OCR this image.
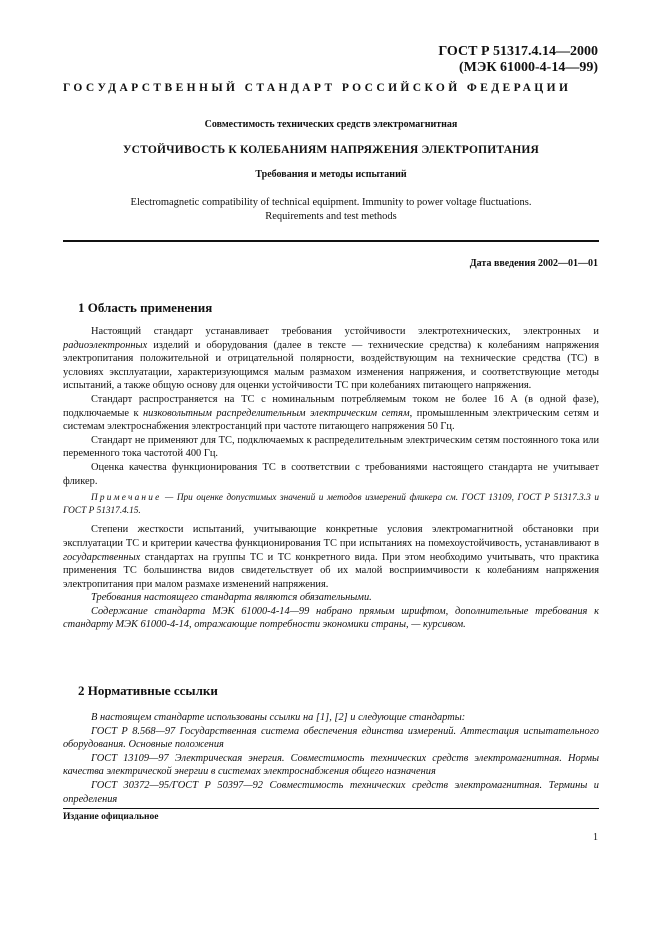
ГОСТ Р 51317.4.14—2000
(МЭК 61000-4-14—99)
ГОСУДАРСТВЕННЫЙ СТАНДАРТ РОССИЙСКОЙ ФЕДЕРАЦИИ
Совместимость технических средств электромагнитная
УСТОЙЧИВОСТЬ К КОЛЕБАНИЯМ НАПРЯЖЕНИЯ ЭЛЕКТРОПИТАНИЯ
Требования и методы испытаний
Electromagnetic compatibility of technical equipment. Immunity to power voltage fluctuations.
Requirements and test methods
Дата введения 2002—01—01
1 Область применения

Настоящий стандарт устанавливает требования устойчивости электротехнических, электронных и радиоэлектронных изделий и оборудования (далее в тексте — технические средства) к колебаниям напряжения электропитания положительной и отрицательной полярности, воздействующим на технические средства (ТС) в условиях эксплуатации, характеризующимся малым размахом изменения напряжения, и соответствующие методы испытаний, а также общую основу для оценки устойчивости ТС при колебаниях питающего напряжения.

Стандарт распространяется на ТС с номинальным потребляемым током не более 16 А (в одной фазе), подключаемые к низковольтным распределительным электрическим сетям, промышленным электрическим сетям и системам электроснабжения электростанций при частоте питающего напряжения 50 Гц.

Стандарт не применяют для ТС, подключаемых к распределительным электрическим сетям постоянного тока или переменного тока частотой 400 Гц.

Оценка качества функционирования ТС в соответствии с требованиями настоящего стандарта не учитывает фликер.

Примечание — При оценке допустимых значений и методов измерений фликера см. ГОСТ 13109, ГОСТ Р 51317.3.3 и ГОСТ Р 51317.4.15.

Степени жесткости испытаний, учитывающие конкретные условия электромагнитной обстановки при эксплуатации ТС и критерии качества функционирования ТС при испытаниях на помехоустойчивость, устанавливают в государственных стандартах на группы ТС и ТС конкретного вида. При этом необходимо учитывать, что практика применения ТС большинства видов свидетельствует об их малой восприимчивости к колебаниям напряжения электропитания при малом размахе изменений напряжения.

Требования настоящего стандарта являются обязательными.

Содержание стандарта МЭК 61000-4-14—99 набрано прямым шрифтом, дополнительные требования к стандарту МЭК 61000-4-14, отражающие потребности экономики страны, — курсивом.

2 Нормативные ссылки

В настоящем стандарте использованы ссылки на [1], [2] и следующие стандарты:

ГОСТ Р 8.568—97 Государственная система обеспечения единства измерений. Аттестация испытательного оборудования. Основные положения

ГОСТ 13109—97 Электрическая энергия. Совместимость технических средств электромагнитная. Нормы качества электрической энергии в системах электроснабжения общего назначения

ГОСТ 30372—95/ГОСТ Р 50397—92 Совместимость технических средств электромагнитная. Термины и определения

Издание официальное
1
